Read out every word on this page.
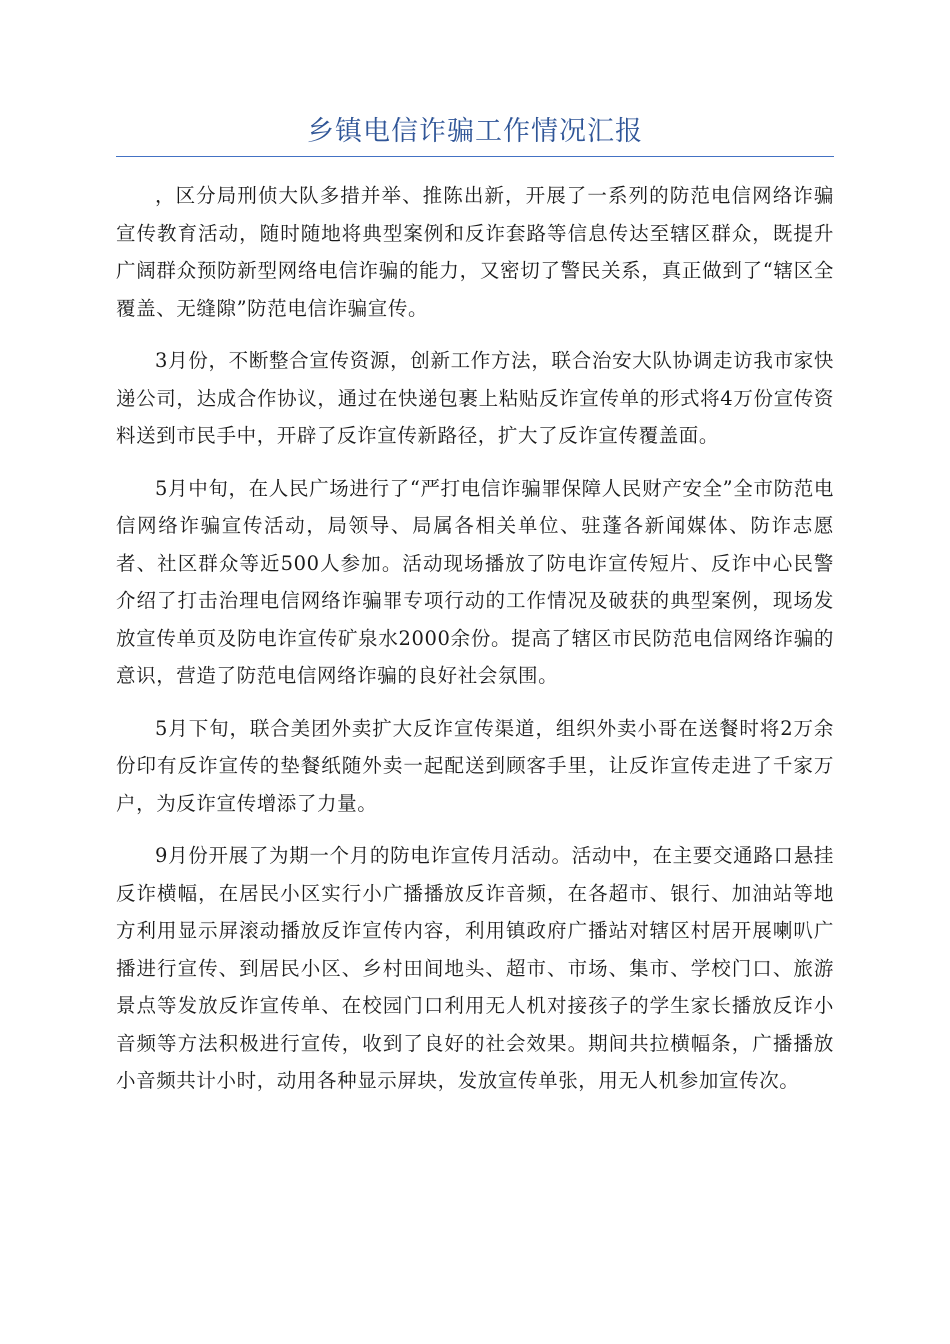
乡镇电信诈骗工作情况汇报

，区分局刑侦大队多措并举、推陈出新，开展了一系列的防范电信网络诈骗宣传教育活动，随时随地将典型案例和反诈套路等信息传达至辖区群众，既提升广阔群众预防新型网络电信诈骗的能力，又密切了警民关系，真正做到了“辖区全覆盖、无缝隙”防范电信诈骗宣传。

3月份，不断整合宣传资源，创新工作方法，联合治安大队协调走访我市家快递公司，达成合作协议，通过在快递包裹上粘贴反诈宣传单的形式将4万份宣传资料送到市民手中，开辟了反诈宣传新路径，扩大了反诈宣传覆盖面。

5月中旬，在人民广场进行了“严打电信诈骗罪保障人民财产安全”全市防范电信网络诈骗宣传活动，局领导、局属各相关单位、驻蓬各新闻媒体、防诈志愿者、社区群众等近500人参加。活动现场播放了防电诈宣传短片、反诈中心民警介绍了打击治理电信网络诈骗罪专项行动的工作情况及破获的典型案例，现场发放宣传单页及防电诈宣传矿泉水2000余份。提高了辖区市民防范电信网络诈骗的意识，营造了防范电信网络诈骗的良好社会氛围。

5月下旬，联合美团外卖扩大反诈宣传渠道，组织外卖小哥在送餐时将2万余份印有反诈宣传的垫餐纸随外卖一起配送到顾客手里，让反诈宣传走进了千家万户，为反诈宣传增添了力量。

9月份开展了为期一个月的防电诈宣传月活动。活动中，在主要交通路口悬挂反诈横幅，在居民小区实行小广播播放反诈音频，在各超市、银行、加油站等地方利用显示屏滚动播放反诈宣传内容，利用镇政府广播站对辖区村居开展喇叭广播进行宣传、到居民小区、乡村田间地头、超市、市场、集市、学校门口、旅游景点等发放反诈宣传单、在校园门口利用无人机对接孩子的学生家长播放反诈小音频等方法积极进行宣传，收到了良好的社会效果。期间共拉横幅条，广播播放小音频共计小时，动用各种显示屏块，发放宣传单张，用无人机参加宣传次。
